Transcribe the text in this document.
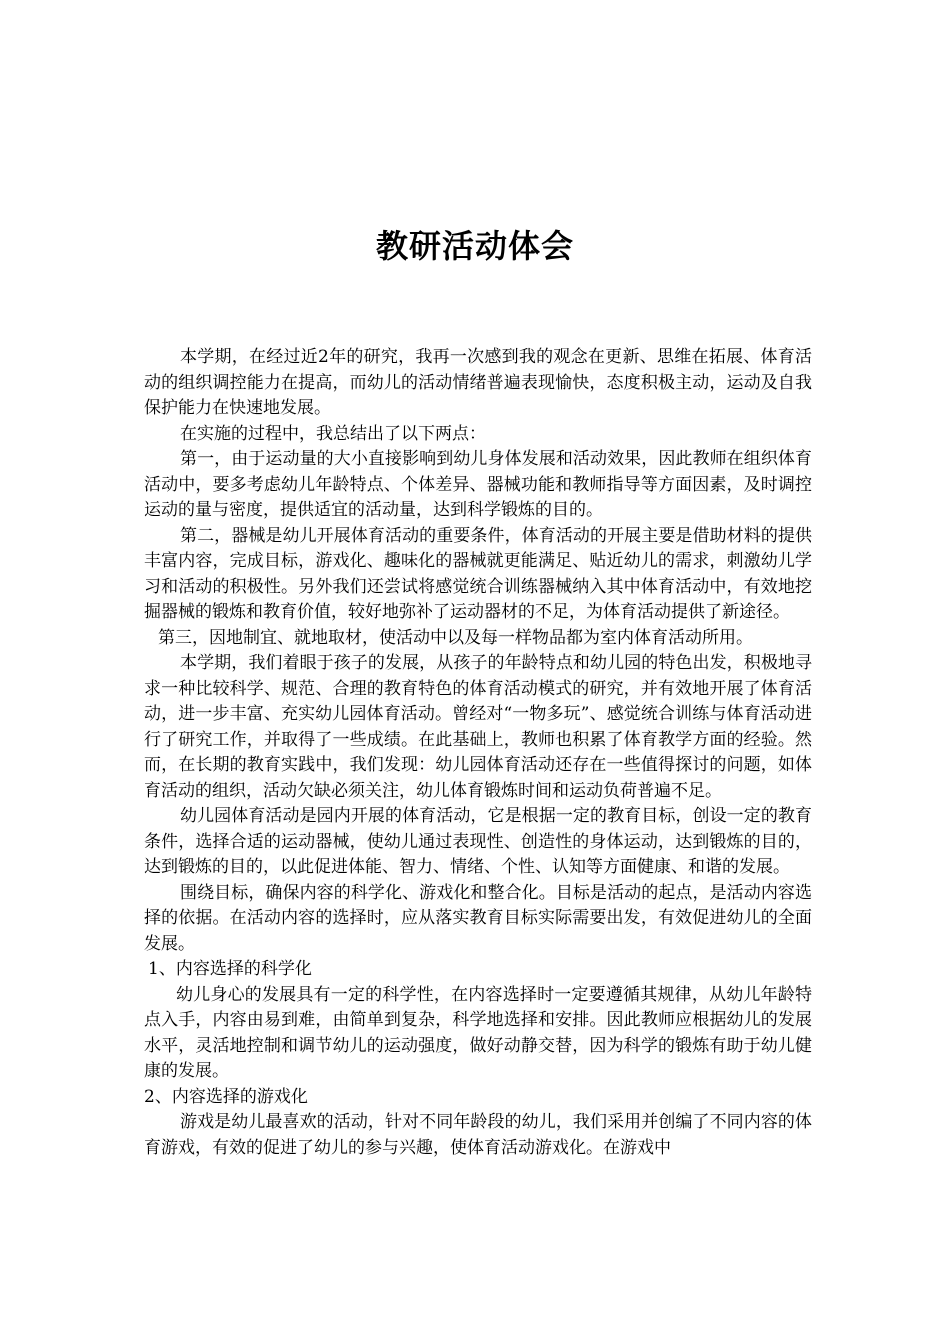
教研活动体会

本学期，在经过近2年的研究，我再一次感到我的观念在更新、思维在拓展、体育活动的组织调控能力在提高，而幼儿的活动情绪普遍表现愉快，态度积极主动，运动及自我保护能力在快速地发展。

在实施的过程中，我总结出了以下两点：

第一，由于运动量的大小直接影响到幼儿身体发展和活动效果，因此教师在组织体育活动中，要多考虑幼儿年龄特点、个体差异、器械功能和教师指导等方面因素，及时调控运动的量与密度，提供适宜的活动量，达到科学锻炼的目的。

第二，器械是幼儿开展体育活动的重要条件，体育活动的开展主要是借助材料的提供丰富内容，完成目标，游戏化、趣味化的器械就更能满足、贴近幼儿的需求，刺激幼儿学习和活动的积极性。另外我们还尝试将感觉统合训练器械纳入其中体育活动中，有效地挖掘器械的锻炼和教育价值，较好地弥补了运动器材的不足，为体育活动提供了新途径。

第三，因地制宜、就地取材，使活动中以及每一样物品都为室内体育活动所用。

本学期，我们着眼于孩子的发展，从孩子的年龄特点和幼儿园的特色出发，积极地寻求一种比较科学、规范、合理的教育特色的体育活动模式的研究，并有效地开展了体育活动，进一步丰富、充实幼儿园体育活动。曾经对“一物多玩”、感觉统合训练与体育活动进行了研究工作，并取得了一些成绩。在此基础上，教师也积累了体育教学方面的经验。然而，在长期的教育实践中，我们发现：幼儿园体育活动还存在一些值得探讨的问题，如体育活动的组织，活动欠缺必须关注，幼儿体育锻炼时间和运动负荷普遍不足。

幼儿园体育活动是园内开展的体育活动，它是根据一定的教育目标，创设一定的教育条件，选择合适的运动器械，使幼儿通过表现性、创造性的身体运动，达到锻炼的目的，达到锻炼的目的，以此促进体能、智力、情绪、个性、认知等方面健康、和谐的发展。

围绕目标，确保内容的科学化、游戏化和整合化。目标是活动的起点，是活动内容选择的依据。在活动内容的选择时，应从落实教育目标实际需要出发，有效促进幼儿的全面发展。

1、内容选择的科学化

幼儿身心的发展具有一定的科学性，在内容选择时一定要遵循其规律，从幼儿年龄特点入手，内容由易到难，由简单到复杂，科学地选择和安排。因此教师应根据幼儿的发展水平，灵活地控制和调节幼儿的运动强度，做好动静交替，因为科学的锻炼有助于幼儿健康的发展。

2、内容选择的游戏化

游戏是幼儿最喜欢的活动，针对不同年龄段的幼儿，我们采用并创编了不同内容的体育游戏，有效的促进了幼儿的参与兴趣，使体育活动游戏化。在游戏中
